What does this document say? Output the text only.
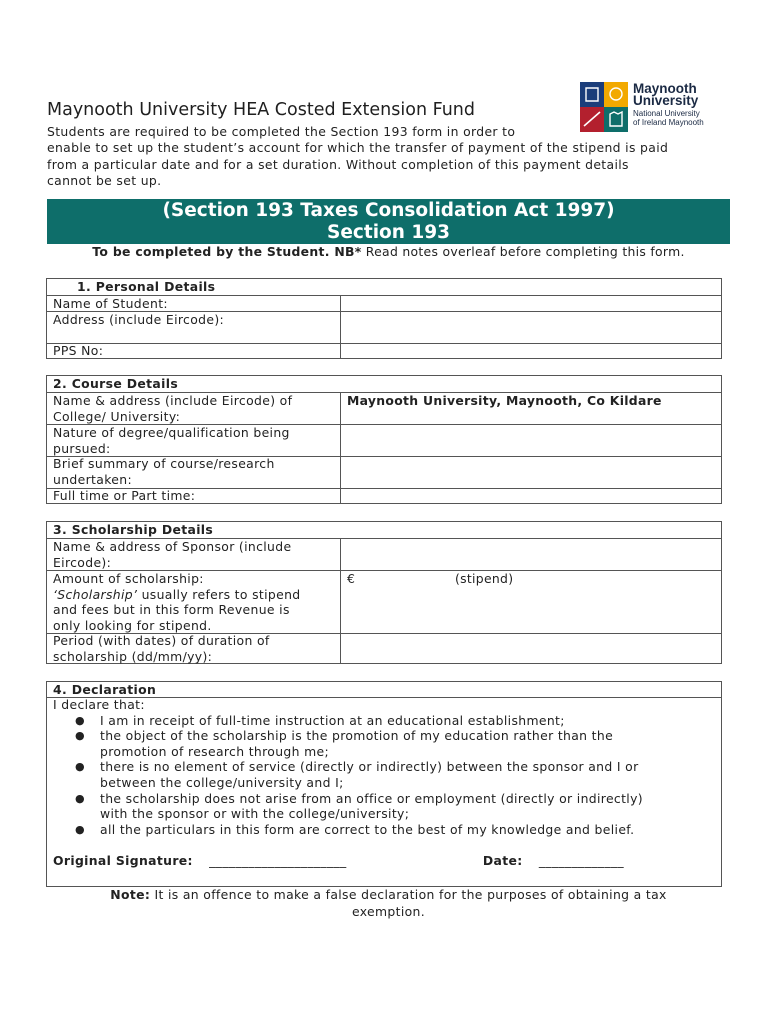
Maynooth University HEA Costed Extension Fund
Maynooth
University
National University
of Ireland Maynooth
Students are required to be completed the Section 193 form in order to
enable to set up the student’s account for which the transfer of payment of the stipend is paid
from a particular date and for a set duration. Without completion of this payment details
cannot be set up.
(Section 193 Taxes Consolidation Act 1997)
Section 193
To be completed by the Student. NB* Read notes overleaf before completing this form.
1. Personal Details
Name of Student:
Address (include Eircode):
PPS No:
2. Course Details
Name & address (include Eircode) of
College/ University:
Maynooth University, Maynooth, Co Kildare
Nature of degree/qualification being
pursued:
Brief summary of course/research
undertaken:
Full time or Part time:
3. Scholarship Details
Name & address of Sponsor (include
Eircode):
Amount of scholarship:
‘Scholarship’ usually refers to stipend
and fees but in this form Revenue is
only looking for stipend.
€	(stipend)
Period (with dates) of duration of
scholarship (dd/mm/yy):
4. Declaration
I declare that:
● I am in receipt of full-time instruction at an educational establishment;
● the object of the scholarship is the promotion of my education rather than the
promotion of research through me;
● there is no element of service (directly or indirectly) between the sponsor and I or
between the college/university and I;
● the scholarship does not arise from an office or employment (directly or indirectly)
with the sponsor or with the college/university;
● all the particulars in this form are correct to the best of my knowledge and belief.
Original Signature: _____________________	Date: _____________
Note: It is an offence to make a false declaration for the purposes of obtaining a tax
exemption.
